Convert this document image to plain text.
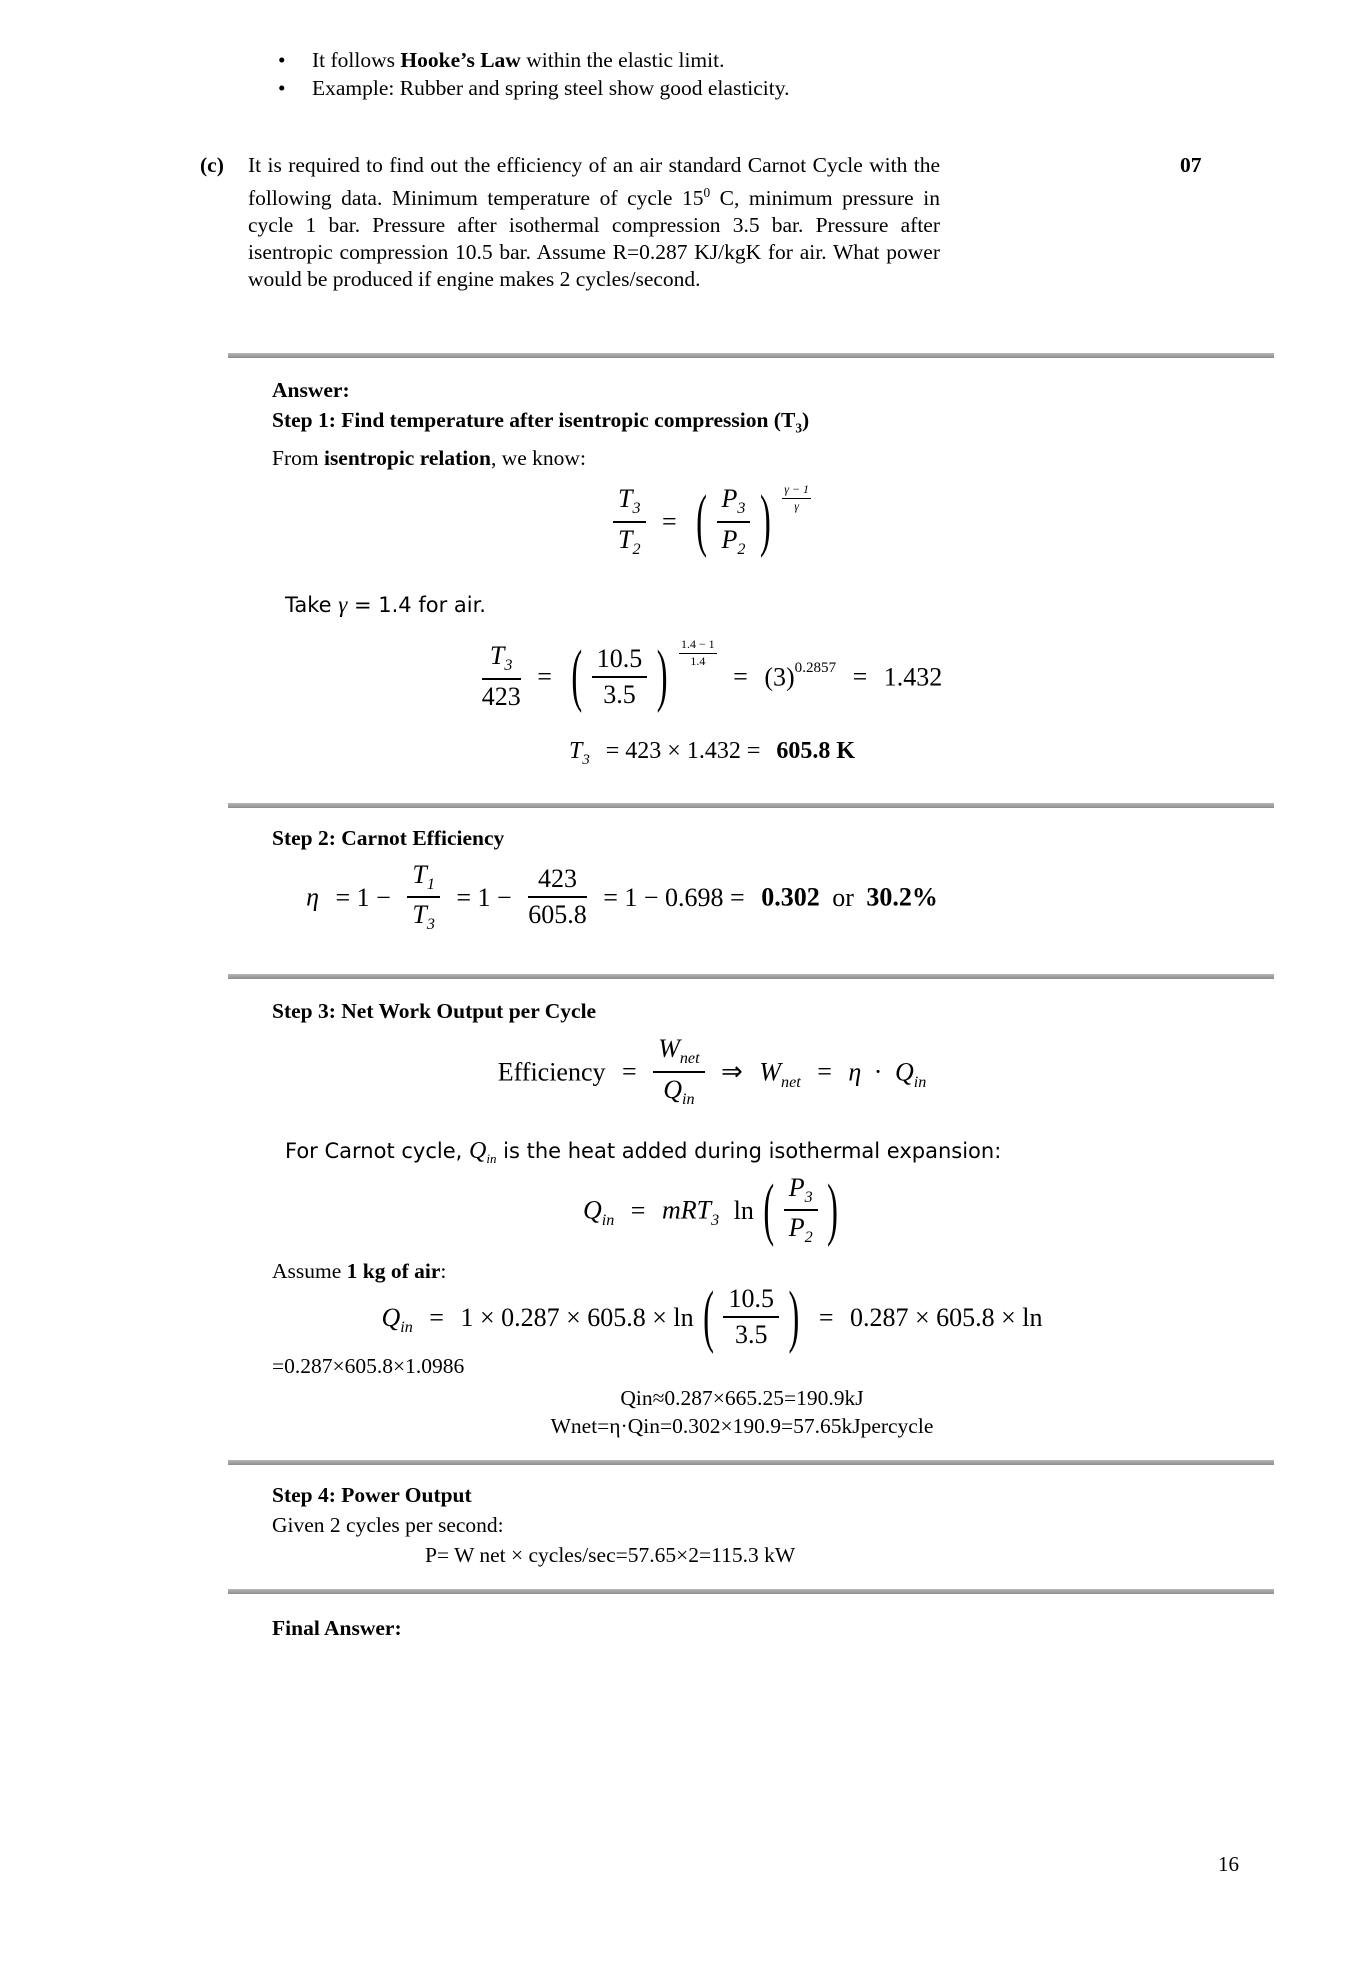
•	It follows Hooke’s Law within the elastic limit.
•	Example: Rubber and spring steel show good elasticity.
(c)	It is required to find out the efficiency of an air standard Carnot Cycle with the following data. Minimum temperature of cycle $15^0$ C, minimum pressure in cycle 1 bar. Pressure after isothermal compression 3.5 bar. Pressure after isentropic compression 10.5 bar. Assume R=0.287 KJ/kgK for air. What power would be produced if engine makes 2 cycles/second.
07
Answer:
Step 1: Find temperature after isentropic compression $(T_3)$
From isentropic relation, we know:
$\frac{T_3}{T_2}$ = ( $\frac{P_3}{P_2}$ ) $\frac{\gamma - 1}{\gamma}$
Take γ = 1.4 for air.
$\frac{T_3}{423}$ = ( $\frac{10.5}{3.5}$ ) $\frac{1.4 - 1}{1.4}$
= $(3)^{0.2857} = 1.432$
$T_3 = 423 \times 1.432 = 605.8$ K
Step 2: Carnot Efficiency
$\eta = 1 - \frac{T_1}{T_3} = 1 - \frac{423}{605.8} = 1 - 0.698 = 0.302$ or 30.2%
Step 3: Net Work Output per Cycle
Efficiency = $\frac{W_{net}}{Q_{in}}$ ⇒ $W_{net} = \eta \cdot Q_{in}$
For Carnot cycle, $Q_{in}$ is the heat added during isothermal expansion:
$Q_{in} = mRT_3$ ln ( $\frac{P_3}{P_2}$ )
Assume 1 kg of air:
$Q_{in} = 1 \times 0.287 \times 605.8 \times \ln$ ( $\frac{10.5}{3.5}$ ) = 0.287 × 605.8 × ln
=0.287×605.8×1.0986
Qin≈0.287×665.25=190.9kJ
Wnet=η·Qin=0.302×190.9=57.65kJpercycle
Step 4: Power Output
Given 2 cycles per second:
P= W net × cycles/sec=57.65×2=115.3 kW
Final Answer:
16
